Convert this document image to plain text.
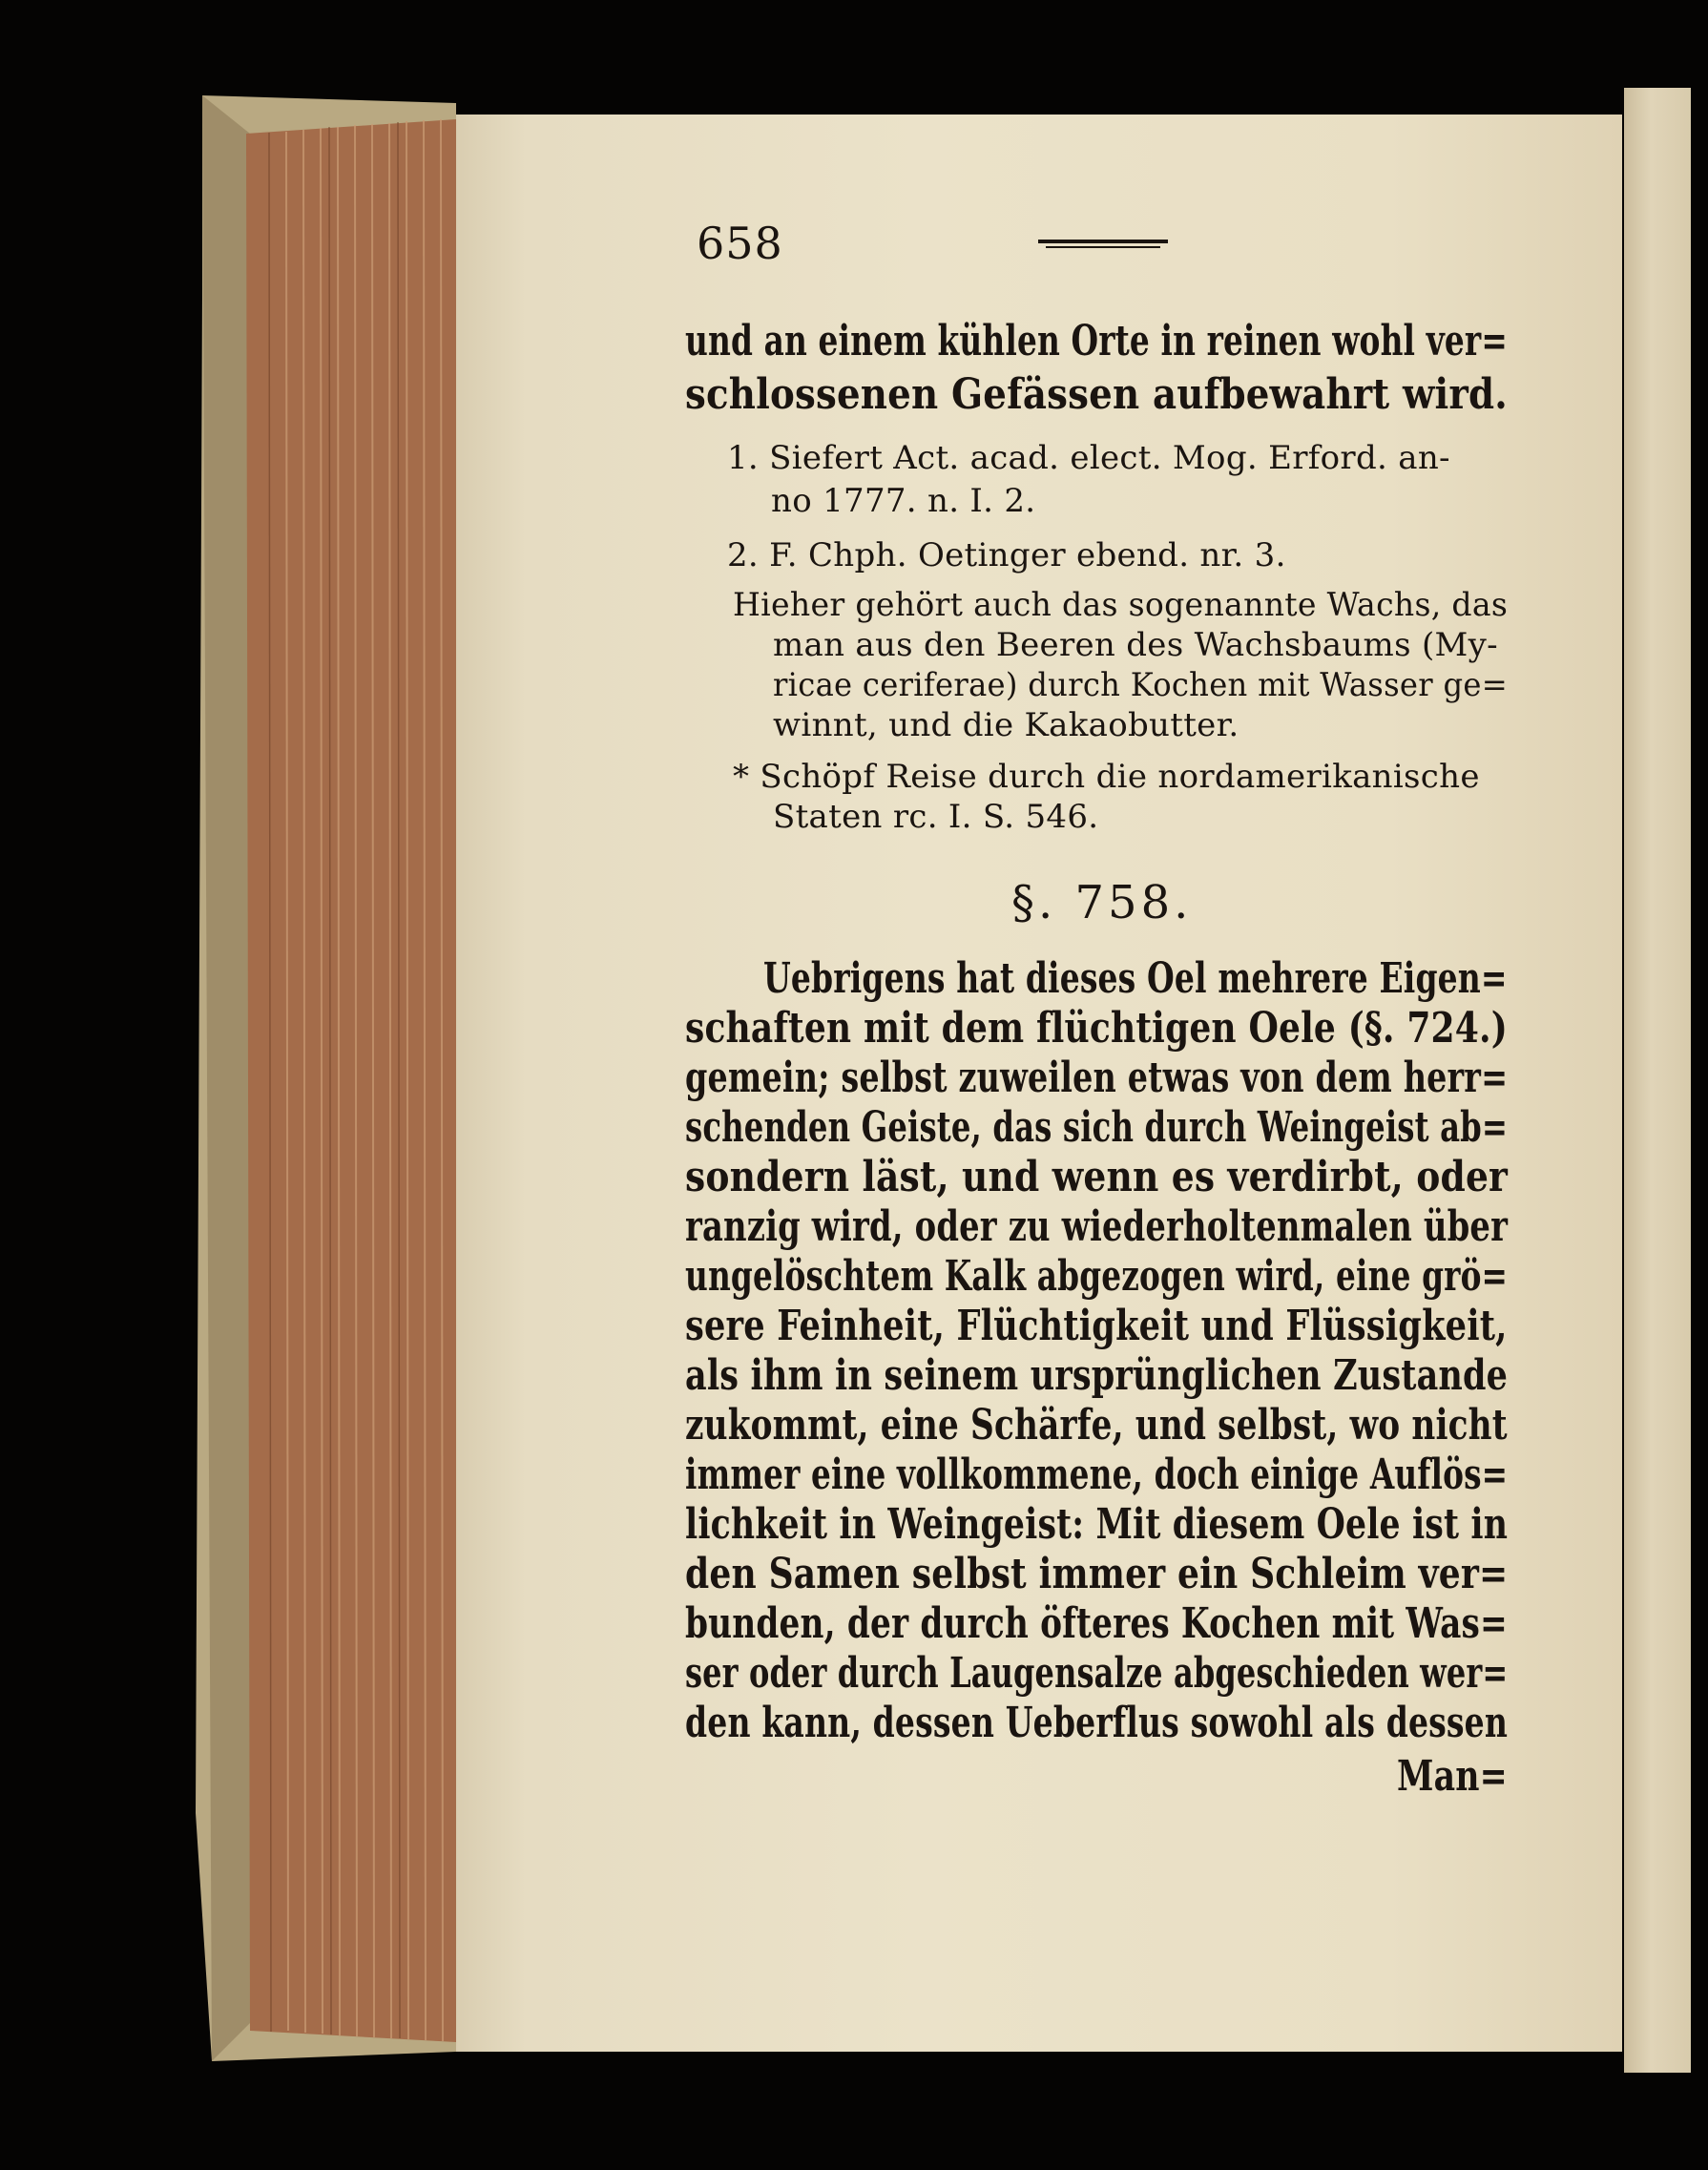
658
und an einem kühlen Orte in reinen wohl ver=
schlossenen Gefässen aufbewahrt wird.
1. Siefert Act. acad. elect. Mog. Erford. an-
no 1777. n. I. 2.
2. F. Chph. Oetinger ebend. nr. 3.
Hieher gehört auch das sogenannte Wachs, das
man aus den Beeren des Wachsbaums (My-
ricae ceriferae) durch Kochen mit Wasser ge=
winnt, und die Kakaobutter.
* Schöpf Reise durch die nordamerikanische
Staten rc. I. S. 546.
§. 758.
Uebrigens hat dieses Oel mehrere Eigen=
schaften mit dem flüchtigen Oele (§. 724.)
gemein; selbst zuweilen etwas von dem herr=
schenden Geiste, das sich durch Weingeist ab=
sondern läst, und wenn es verdirbt, oder
ranzig wird, oder zu wiederholtenmalen über
ungelöschtem Kalk abgezogen wird, eine grö=
sere Feinheit, Flüchtigkeit und Flüssigkeit,
als ihm in seinem ursprünglichen Zustande
zukommt, eine Schärfe, und selbst, wo nicht
immer eine vollkommene, doch einige Auflös=
lichkeit in Weingeist: Mit diesem Oele ist in
den Samen selbst immer ein Schleim ver=
bunden, der durch öfteres Kochen mit Was=
ser oder durch Laugensalze abgeschieden wer=
den kann, dessen Ueberflus sowohl als dessen
Man=
